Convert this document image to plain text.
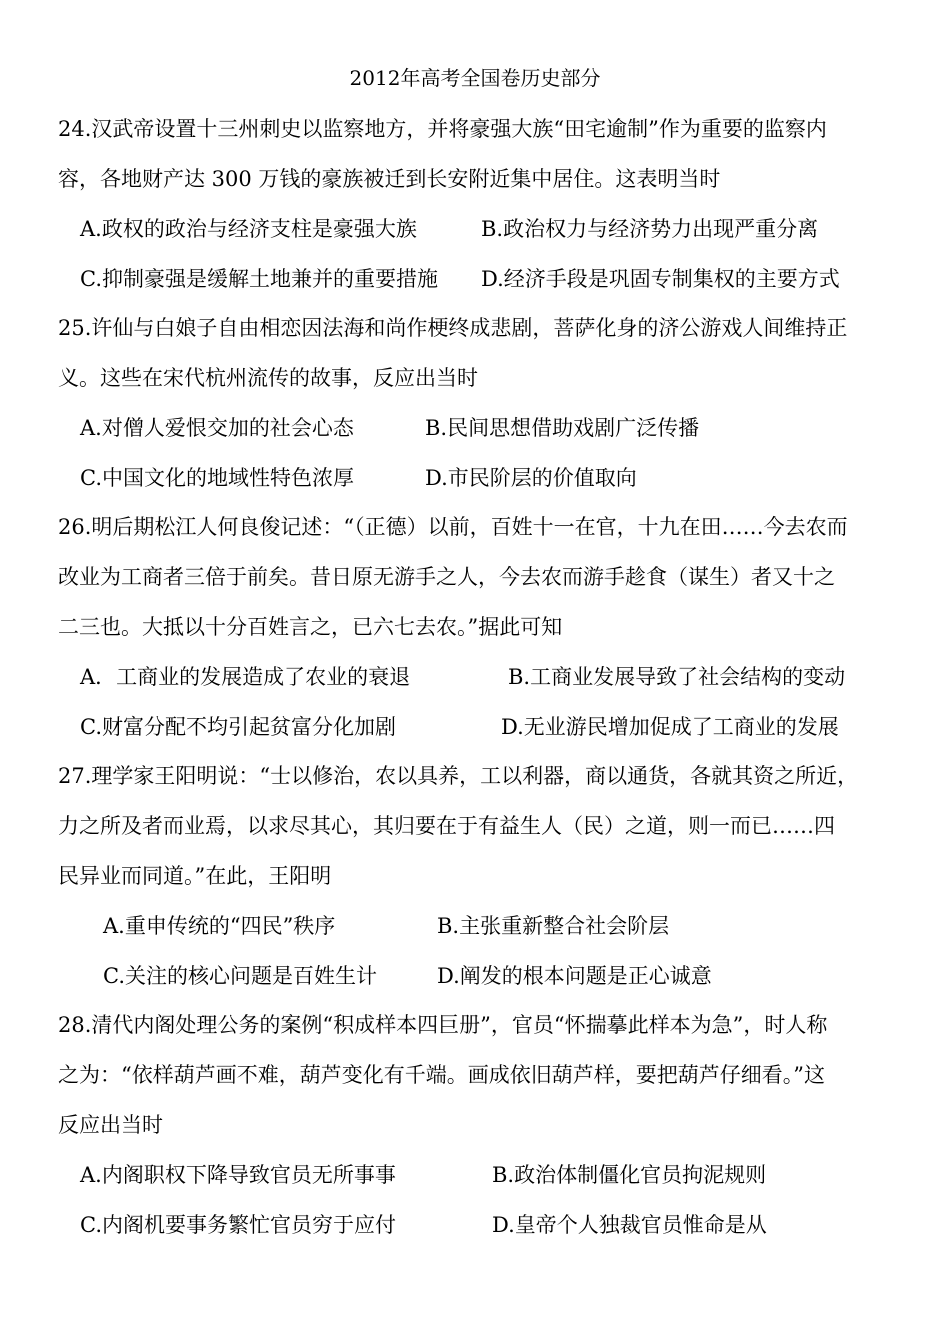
2012年高考全国卷历史部分

24.汉武帝设置十三州刺史以监察地方，并将豪强大族“田宅逾制”作为重要的监察内

容，各地财产达 300 万钱的豪族被迁到长安附近集中居住。这表明当时

A.政权的政治与经济支柱是豪强大族	B.政治权力与经济势力出现严重分离
C.抑制豪强是缓解土地兼并的重要措施 D.经济手段是巩固专制集权的主要方式

25.许仙与白娘子自由相恋因法海和尚作梗终成悲剧，菩萨化身的济公游戏人间维持正

义。这些在宋代杭州流传的故事，反应出当时

A.对僧人爱恨交加的社会心态	B.民间思想借助戏剧广泛传播
C.中国文化的地域性特色浓厚	D.市民阶层的价值取向

26.明后期松江人何良俊记述：“（正德）以前，百姓十一在官，十九在田……今去农而

改业为工商者三倍于前矣。昔日原无游手之人，今去农而游手趁食（谋生）者又十之

二三也。大抵以十分百姓言之，已六七去农。”据此可知

A．工商业的发展造成了农业的衰退	B.工商业发展导致了社会结构的变动
C.财富分配不均引起贫富分化加剧	D.无业游民增加促成了工商业的发展

27.理学家王阳明说：“士以修治，农以具养，工以利器，商以通货，各就其资之所近，

力之所及者而业焉，以求尽其心，其归要在于有益生人（民）之道，则一而已……四

民异业而同道。”在此，王阳明

A.重申传统的“四民”秩序	B.主张重新整合社会阶层
C.关注的核心问题是百姓生计	D.阐发的根本问题是正心诚意

28.清代内阁处理公务的案例“积成样本四巨册”，官员“怀揣摹此样本为急”，时人称

之为：“依样葫芦画不难，葫芦变化有千端。画成依旧葫芦样，要把葫芦仔细看。”这

反应出当时

A.内阁职权下降导致官员无所事事	B.政治体制僵化官员拘泥规则
C.内阁机要事务繁忙官员穷于应付	D.皇帝个人独裁官员惟命是从
